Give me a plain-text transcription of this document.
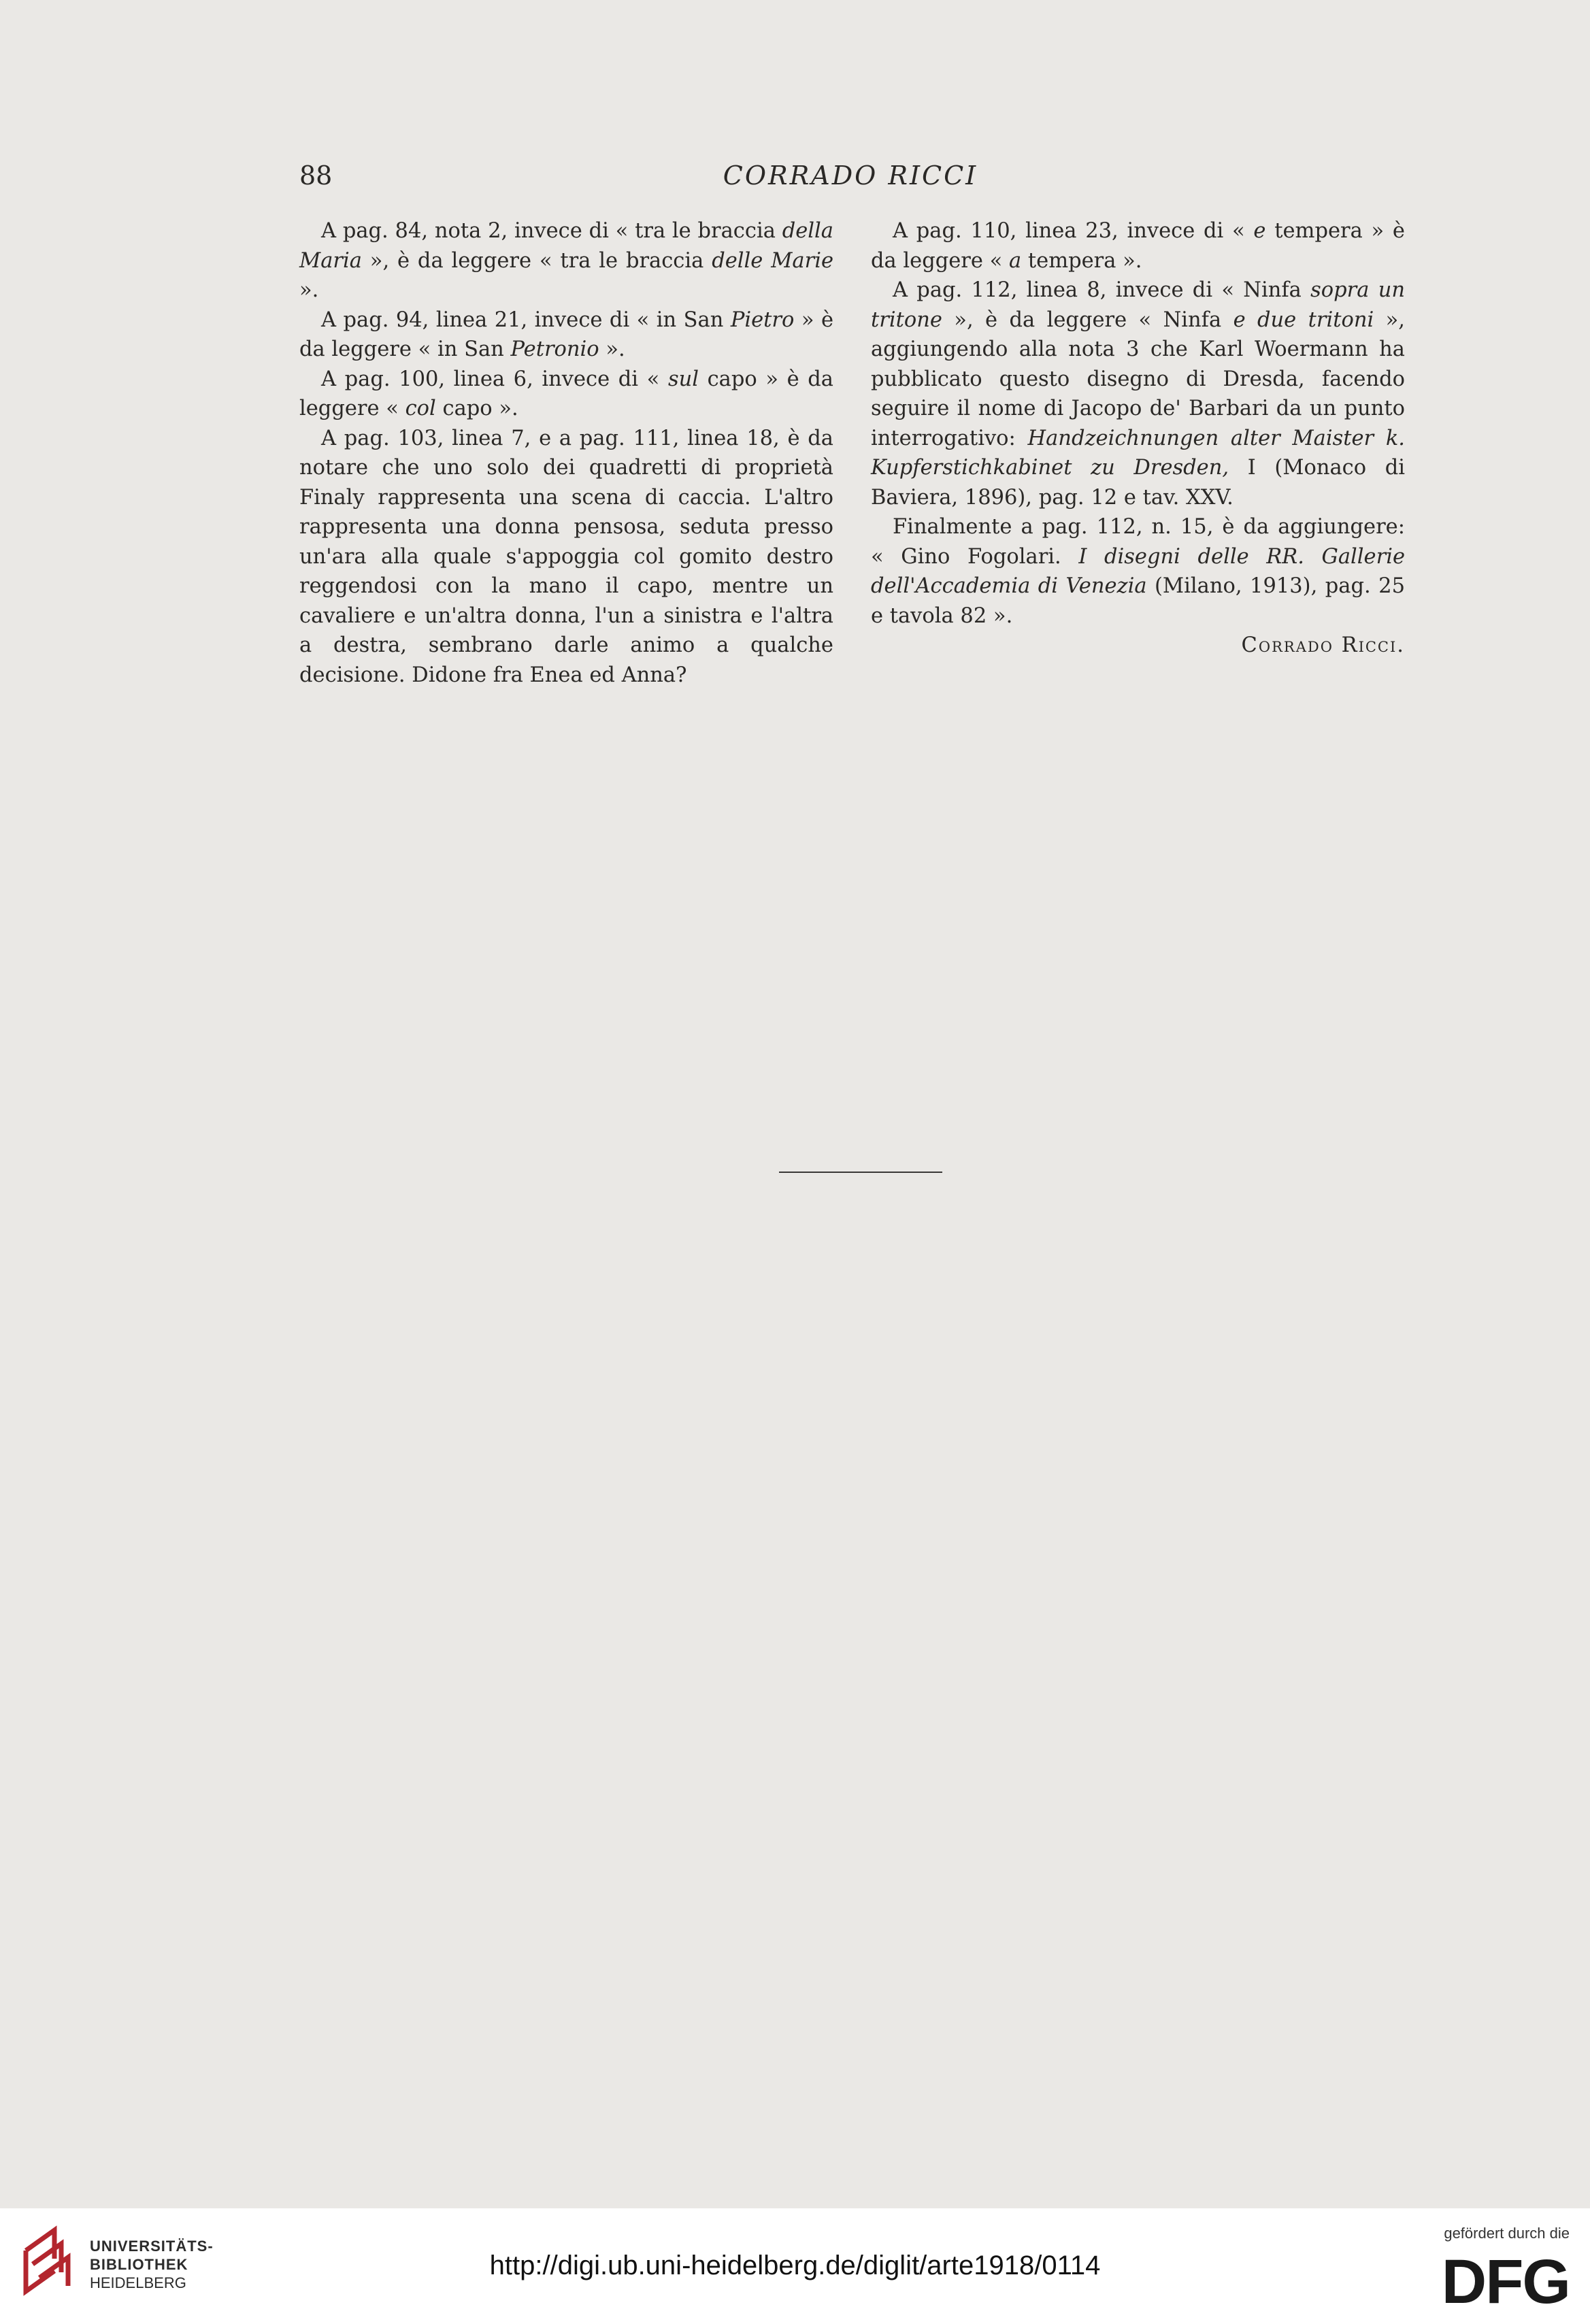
88	CORRADO RICCI

A pag. 84, nota 2, invece di « tra le braccia della Maria », è da leggere « tra le braccia delle Marie ».

A pag. 94, linea 21, invece di « in San Pietro » è da leggere « in San Petronio ».

A pag. 100, linea 6, invece di « sul capo » è da leggere « col capo ».

A pag. 103, linea 7, e a pag. 111, linea 18, è da notare che uno solo dei quadretti di proprietà Finaly rappresenta una scena di caccia. L'altro rappresenta una donna pensosa, seduta presso un'ara alla quale s'appoggia col gomito destro reggendosi con la mano il capo, mentre un cavaliere e un'altra donna, l'un a sinistra e l'altra a destra, sembrano darle animo a qualche decisione. Didone fra Enea ed Anna?

A pag. 110, linea 23, invece di « e tempera » è da leggere « a tempera ».

A pag. 112, linea 8, invece di « Ninfa sopra un tritone », è da leggere « Ninfa e due tritoni », aggiungendo alla nota 3 che Karl Woermann ha pubblicato questo disegno di Dresda, facendo seguire il nome di Jacopo de' Barbari da un punto interrogativo: Handzeichnungen alter Maister k. Kupferstichkabinet zu Dresden, I (Monaco di Baviera, 1896), pag. 12 e tav. XXV.

Finalmente a pag. 112, n. 15, è da aggiungere: « Gino Fogolari. I disegni delle RR. Gallerie dell'Accademia di Venezia (Milano, 1913), pag. 25 e tavola 82 ».

Corrado Ricci.

UNIVERSITÄTS-
BIBLIOTHEK
HEIDELBERG
http://digi.ub.uni-heidelberg.de/diglit/arte1918/0114
gefördert durch die
DFG
